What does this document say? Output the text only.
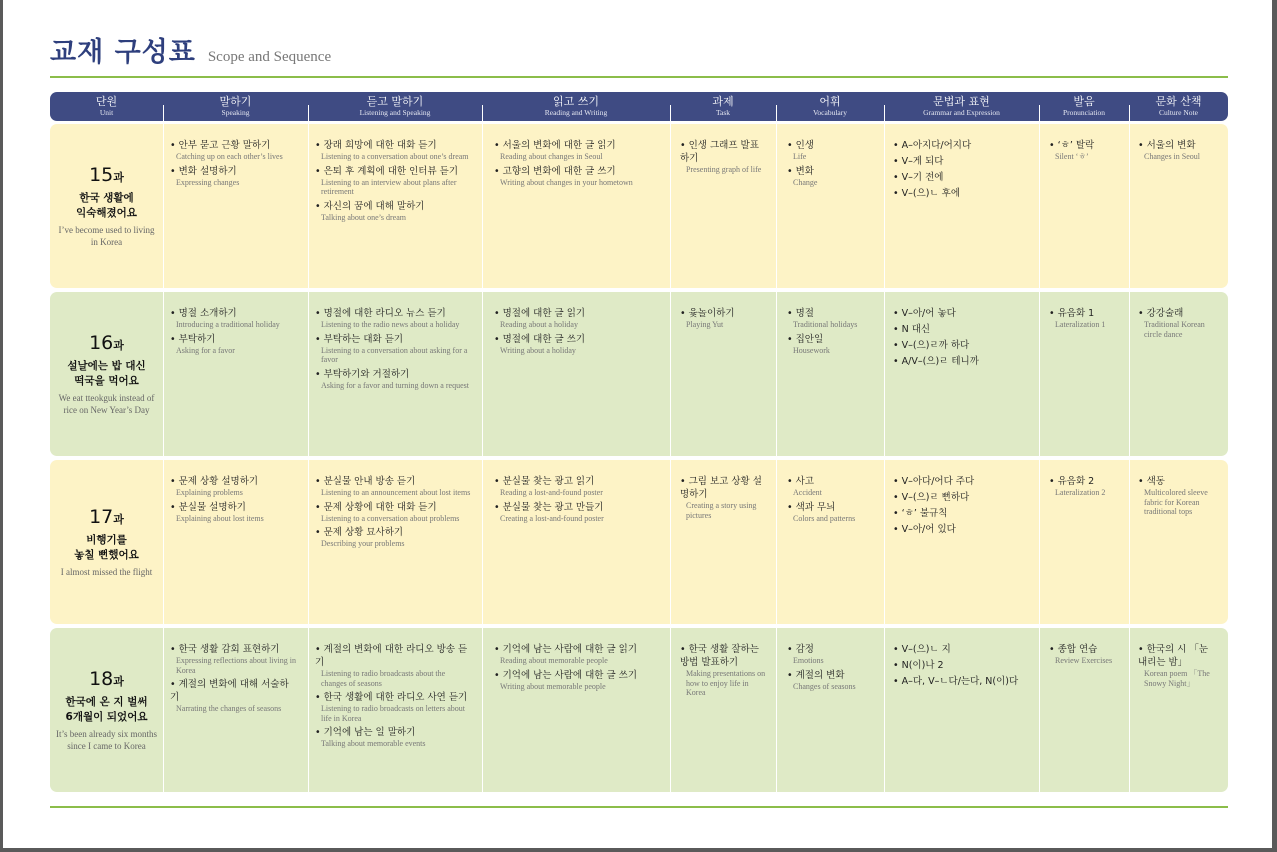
교재 구성표 Scope and Sequence
단원
Unit
말하기
Speaking
듣고 말하기
Listening and Speaking
읽고 쓰기
Reading and Writing
과제
Task
어휘
Vocabulary
문법과 표현
Grammar and Expression
발음
Pronunciation
문화 산책
Culture Note
15과
한국 생활에
익숙해졌어요
I’ve become used to living in Korea
• 안부 묻고 근황 말하기
Catching up on each other’s lives
• 변화 설명하기
Expressing changes
• 장래 희망에 대한 대화 듣기
Listening to a conversation about one’s dream
• 은퇴 후 계획에 대한 인터뷰 듣기
Listening to an interview about plans after retirement
• 자신의 꿈에 대해 말하기
Talking about one’s dream
• 서울의 변화에 대한 글 읽기
Reading about changes in Seoul
• 고향의 변화에 대한 글 쓰기
Writing about changes in your hometown
• 인생 그래프 발표하기
Presenting graph of life
• 인생
Life
• 변화
Change
• A–아지다/어지다
• V–게 되다
• V–기 전에
• V–(으)ㄴ 후에
• ‘ㅎ’ 탈락
Silent ‘ㅎ’
• 서울의 변화
Changes in Seoul
16과
설날에는 밥 대신
떡국을 먹어요
We eat tteokguk instead of rice on New Year’s Day
• 명절 소개하기
Introducing a traditional holiday
• 부탁하기
Asking for a favor
• 명절에 대한 라디오 뉴스 듣기
Listening to the radio news about a holiday
• 부탁하는 대화 듣기
Listening to a conversation about asking for a favor
• 부탁하기와 거절하기
Asking for a favor and turning down a request
• 명절에 대한 글 읽기
Reading about a holiday
• 명절에 대한 글 쓰기
Writing about a holiday
• 윷놀이하기
Playing Yut
• 명절
Traditional holidays
• 집안일
Housework
• V–아/어 놓다
• N 대신
• V–(으)ㄹ까 하다
• A/V–(으)ㄹ 테니까
• 유음화 1
Lateralization 1
• 강강술래
Traditional Korean circle dance
17과
비행기를
놓칠 뻔했어요
I almost missed the flight
• 문제 상황 설명하기
Explaining problems
• 분실물 설명하기
Explaining about lost items
• 분실물 안내 방송 듣기
Listening to an announcement about lost items
• 문제 상황에 대한 대화 듣기
Listening to a conversation about problems
• 문제 상황 묘사하기
Describing your problems
• 분실물 찾는 광고 읽기
Reading a lost-and-found poster
• 분실물 찾는 광고 만들기
Creating a lost-and-found poster
• 그림 보고 상황 설명하기
Creating a story using pictures
• 사고
Accident
• 색과 무늬
Colors and patterns
• V–아다/어다 주다
• V–(으)ㄹ 뻔하다
• ‘ㅎ’ 불규칙
• V–아/어 있다
• 유음화 2
Lateralization 2
• 색동
Multicolored sleeve fabric for Korean traditional tops
18과
한국에 온 지 벌써
6개월이 되었어요
It’s been already six months since I came to Korea
• 한국 생활 감회 표현하기
Expressing reflections about living in Korea
• 계절의 변화에 대해 서술하기
Narrating the changes of seasons
• 계절의 변화에 대한 라디오 방송 듣기
Listening to radio broadcasts about the changes of seasons
• 한국 생활에 대한 라디오 사연 듣기
Listening to radio broadcasts on letters about life in Korea
• 기억에 남는 일 말하기
Talking about memorable events
• 기억에 남는 사람에 대한 글 읽기
Reading about memorable people
• 기억에 남는 사람에 대한 글 쓰기
Writing about memorable people
• 한국 생활 잘하는 방법 발표하기
Making presentations on how to enjoy life in Korea
• 감정
Emotions
• 계절의 변화
Changes of seasons
• V–(으)ㄴ 지
• N(이)나 2
• A–다, V–ㄴ다/는다, N(이)다
• 종합 연습
Review Exercises
• 한국의 시 「눈 내리는 밤」
Korean poem 「The Snowy Night」
